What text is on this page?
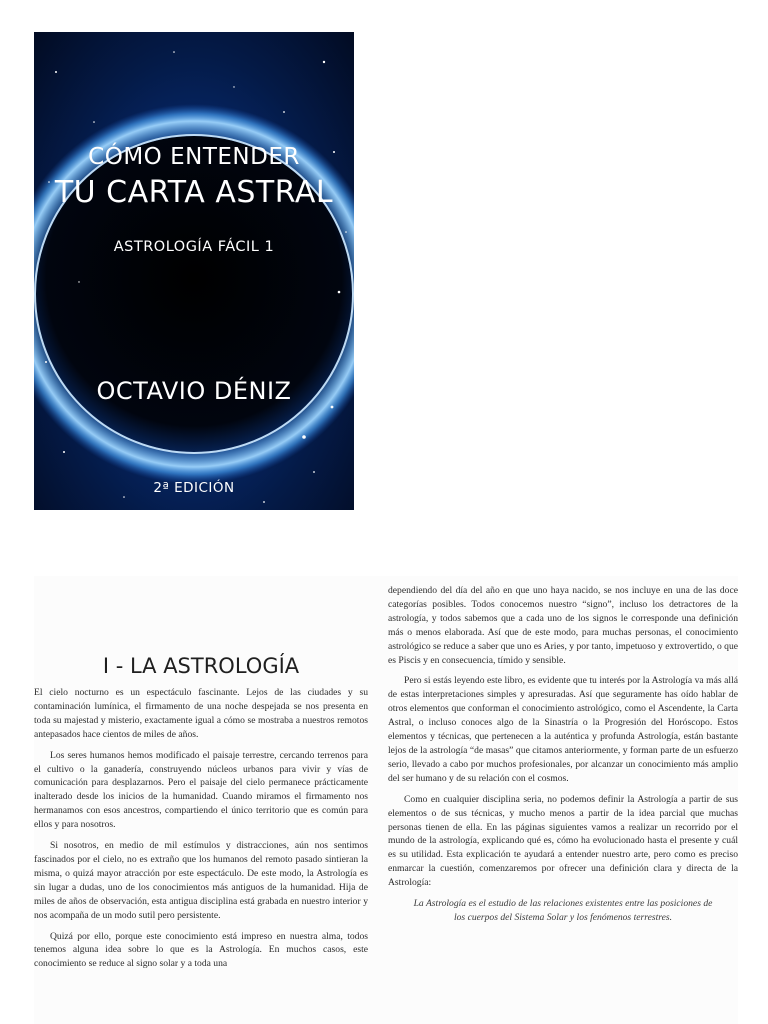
CÓMO ENTENDER
TU CARTA ASTRAL
ASTROLOGÍA FÁCIL 1
OCTAVIO DÉNIZ
2ª EDICIÓN
I - LA ASTROLOGÍA

El cielo nocturno es un espectáculo fascinante. Lejos de las ciudades y su contaminación lumínica, el firmamento de una noche despejada se nos presenta en toda su majestad y misterio, exactamente igual a cómo se mostraba a nuestros remotos antepasados hace cientos de miles de años.

Los seres humanos hemos modificado el paisaje terrestre, cercando terrenos para el cultivo o la ganadería, construyendo núcleos urbanos para vivir y vías de comunicación para desplazarnos. Pero el paisaje del cielo permanece prácticamente inalterado desde los inicios de la humanidad. Cuando miramos el firmamento nos hermanamos con esos ancestros, compartiendo el único territorio que es común para ellos y para nosotros.

Si nosotros, en medio de mil estímulos y distracciones, aún nos sentimos fascinados por el cielo, no es extraño que los humanos del remoto pasado sintieran la misma, o quizá mayor atracción por este espectáculo. De este modo, la Astrología es sin lugar a dudas, uno de los conocimientos más antiguos de la humanidad. Hija de miles de años de observación, esta antigua disciplina está grabada en nuestro interior y nos acompaña de un modo sutil pero persistente.

Quizá por ello, porque este conocimiento está impreso en nuestra alma, todos tenemos alguna idea sobre lo que es la Astrología. En muchos casos, este conocimiento se reduce al signo solar y a toda una

dependiendo del día del año en que uno haya nacido, se nos incluye en una de las doce categorías posibles. Todos conocemos nuestro “signo”, incluso los detractores de la astrología, y todos sabemos que a cada uno de los signos le corresponde una definición más o menos elaborada. Así que de este modo, para muchas personas, el conocimiento astrológico se reduce a saber que uno es Aries, y por tanto, impetuoso y extrovertido, o que es Piscis y en consecuencia, tímido y sensible.

Pero si estás leyendo este libro, es evidente que tu interés por la Astrología va más allá de estas interpretaciones simples y apresuradas. Así que seguramente has oído hablar de otros elementos que conforman el conocimiento astrológico, como el Ascendente, la Carta Astral, o incluso conoces algo de la Sinastría o la Progresión del Horóscopo. Estos elementos y técnicas, que pertenecen a la auténtica y profunda Astrología, están bastante lejos de la astrología “de masas” que citamos anteriormente, y forman parte de un esfuerzo serio, llevado a cabo por muchos profesionales, por alcanzar un conocimiento más amplio del ser humano y de su relación con el cosmos.

Como en cualquier disciplina seria, no podemos definir la Astrología a partir de sus elementos o de sus técnicas, y mucho menos a partir de la idea parcial que muchas personas tienen de ella. En las páginas siguientes vamos a realizar un recorrido por el mundo de la astrología, explicando qué es, cómo ha evolucionado hasta el presente y cuál es su utilidad. Esta explicación te ayudará a entender nuestro arte, pero como es preciso enmarcar la cuestión, comenzaremos por ofrecer una definición clara y directa de la Astrología:

La Astrología es el estudio de las relaciones existentes entre las posiciones de los cuerpos del Sistema Solar y los fenómenos terrestres.
